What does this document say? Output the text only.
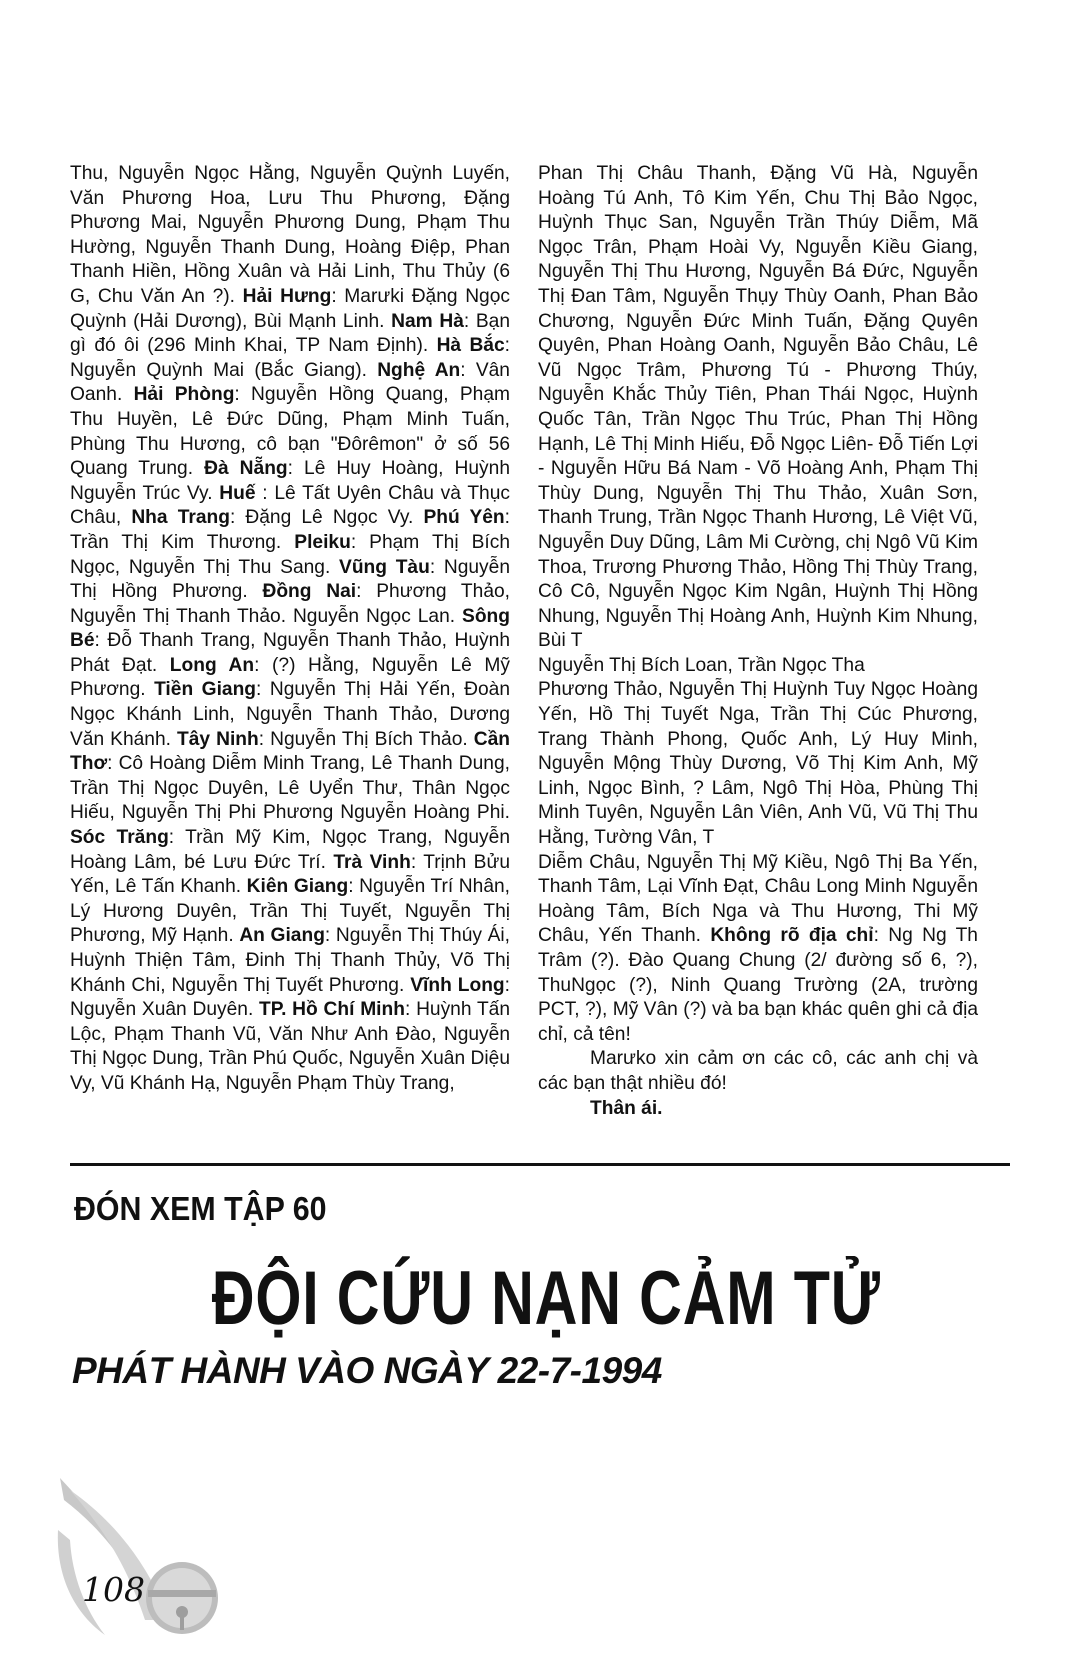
Thu, Nguyễn Ngọc Hằng, Nguyễn Quỳnh Luyến, Văn Phương Hoa, Lưu Thu Phương, Đặng Phương Mai, Nguyễn Phương Dung, Phạm Thu Hường, Nguyễn Thanh Dung, Hoàng Điệp, Phan Thanh Hiền, Hồng Xuân và Hải Linh, Thu Thủy (6 G, Chu Văn An ?). Hải Hưng: Marưki Đặng Ngọc Quỳnh (Hải Dương), Bùi Mạnh Linh. Nam Hà: Bạn gì đó ôi (296 Minh Khai, TP Nam Định). Hà Bắc: Nguyễn Quỳnh Mai (Bắc Giang). Nghệ An: Vân Oanh. Hải Phòng: Nguyễn Hồng Quang, Phạm Thu Huyền, Lê Đức Dũng, Phạm Minh Tuấn, Phùng Thu Hương, cô bạn "Đôrêmon" ở số 56 Quang Trung. Đà Nẵng: Lê Huy Hoàng, Huỳnh Nguyễn Trúc Vy. Huế : Lê Tất Uyên Châu và Thục Châu, Nha Trang: Đặng Lê Ngọc Vy. Phú Yên: Trần Thị Kim Thương. Pleiku: Phạm Thị Bích Ngọc, Nguyễn Thị Thu Sang. Vũng Tàu: Nguyễn Thị Hồng Phương. Đồng Nai: Phương Thảo, Nguyễn Thị Thanh Thảo. Nguyễn Ngọc Lan. Sông Bé: Đỗ Thanh Trang, Nguyễn Thanh Thảo, Huỳnh Phát Đạt. Long An: (?) Hằng, Nguyễn Lê Mỹ Phương. Tiền Giang: Nguyễn Thị Hải Yến, Đoàn Ngọc Khánh Linh, Nguyễn Thanh Thảo, Dương Văn Khánh. Tây Ninh: Nguyễn Thị Bích Thảo. Cần Thơ: Cô Hoàng Diễm Minh Trang, Lê Thanh Dung, Trần Thị Ngọc Duyên, Lê Uyển Thư, Thân Ngọc Hiếu, Nguyễn Thị Phi Phương Nguyễn Hoàng Phi. Sóc Trăng: Trần Mỹ Kim, Ngọc Trang, Nguyễn Hoàng Lâm, bé Lưu Đức Trí. Trà Vinh: Trịnh Bửu Yến, Lê Tấn Khanh. Kiên Giang: Nguyễn Trí Nhân, Lý Hương Duyên, Trần Thị Tuyết, Nguyễn Thị Phương, Mỹ Hạnh. An Giang: Nguyễn Thị Thúy Ái, Huỳnh Thiện Tâm, Đinh Thị Thanh Thủy, Võ Thị Khánh Chi, Nguyễn Thị Tuyết Phương. Vĩnh Long: Nguyễn Xuân Duyên. TP. Hồ Chí Minh: Huỳnh Tấn Lộc, Phạm Thanh Vũ, Văn Như Anh Đào, Nguyễn Thị Ngọc Dung, Trần Phú Quốc, Nguyễn Xuân Diệu Vy, Vũ Khánh Hạ, Nguyễn Phạm Thùy Trang,

Phan Thị Châu Thanh, Đặng Vũ Hà, Nguyễn Hoàng Tú Anh, Tô Kim Yến, Chu Thị Bảo Ngọc, Huỳnh Thục San, Nguyễn Trần Thúy Diễm, Mã Ngọc Trân, Phạm Hoài Vy, Nguyễn Kiều Giang, Nguyễn Thị Thu Hương, Nguyễn Bá Đức, Nguyễn Thị Đan Tâm, Nguyễn Thụy Thùy Oanh, Phan Bảo Chương, Nguyễn Đức Minh Tuấn, Đặng Quyên Quyên, Phan Hoàng Oanh, Nguyễn Bảo Châu, Lê Vũ Ngọc Trâm, Phương Tú - Phương Thúy, Nguyễn Khắc Thủy Tiên, Phan Thái Ngọc, Huỳnh Quốc Tân, Trần Ngọc Thu Trúc, Phan Thị Hồng Hạnh, Lê Thị Minh Hiếu, Đỗ Ngọc Liên- Đỗ Tiến Lợi - Nguyễn Hữu Bá Nam - Võ Hoàng Anh, Phạm Thị Thùy Dung, Nguyễn Thị Thu Thảo, Xuân Sơn, Thanh Trung, Trần Ngọc Thanh Hương, Lê Việt Vũ, Nguyễn Duy Dũng, Lâm Mi Cường, chị Ngô Vũ Kim Thoa, Trương Phương Thảo, Hồng Thị Thùy Trang, Cô Cô, Nguyễn Ngọc Kim Ngân, Huỳnh Thị Hồng Nhung, Nguyễn Thị Hoàng Anh, Huỳnh Kim Nhung, Bùi T

Nguyễn Thị Bích Loan, Trần Ngọc Tha

Phương Thảo, Nguyễn Thị Huỳnh Tuy Ngọc Hoàng Yến, Hồ Thị Tuyết Nga, Trần Thị Cúc Phương, Trang Thành Phong, Quốc Anh, Lý Huy Minh, Nguyễn Mộng Thùy Dương, Võ Thị Kim Anh, Mỹ Linh, Ngọc Bình, ? Lâm, Ngô Thị Hòa, Phùng Thị Minh Tuyên, Nguyễn Lân Viên, Anh Vũ, Vũ Thị Thu Hằng, Tường Vân, T

Diễm Châu, Nguyễn Thị Mỹ Kiều, Ngô Thị Ba Yến, Thanh Tâm, Lại Vĩnh Đạt, Châu Long Minh Nguyễn Hoàng Tâm, Bích Nga và Thu Hương, Thi Mỹ Châu, Yến Thanh. Không rõ địa chỉ: Ng Ng Th Trâm (?). Đào Quang Chung (2/ đường số 6, ?), ThuNgọc (?), Ninh Quang Trường (2A, trường PCT, ?), Mỹ Vân (?) và ba bạn khác quên ghi cả địa chỉ, cả tên!

Marưko xin cảm ơn các cô, các anh chị và các bạn thật nhiều đó!

Thân ái.

ĐÓN XEM TẬP 60
ĐỘI CỨU NẠN CẢM TỬ
PHÁT HÀNH VÀO NGÀY 22-7-1994
108
